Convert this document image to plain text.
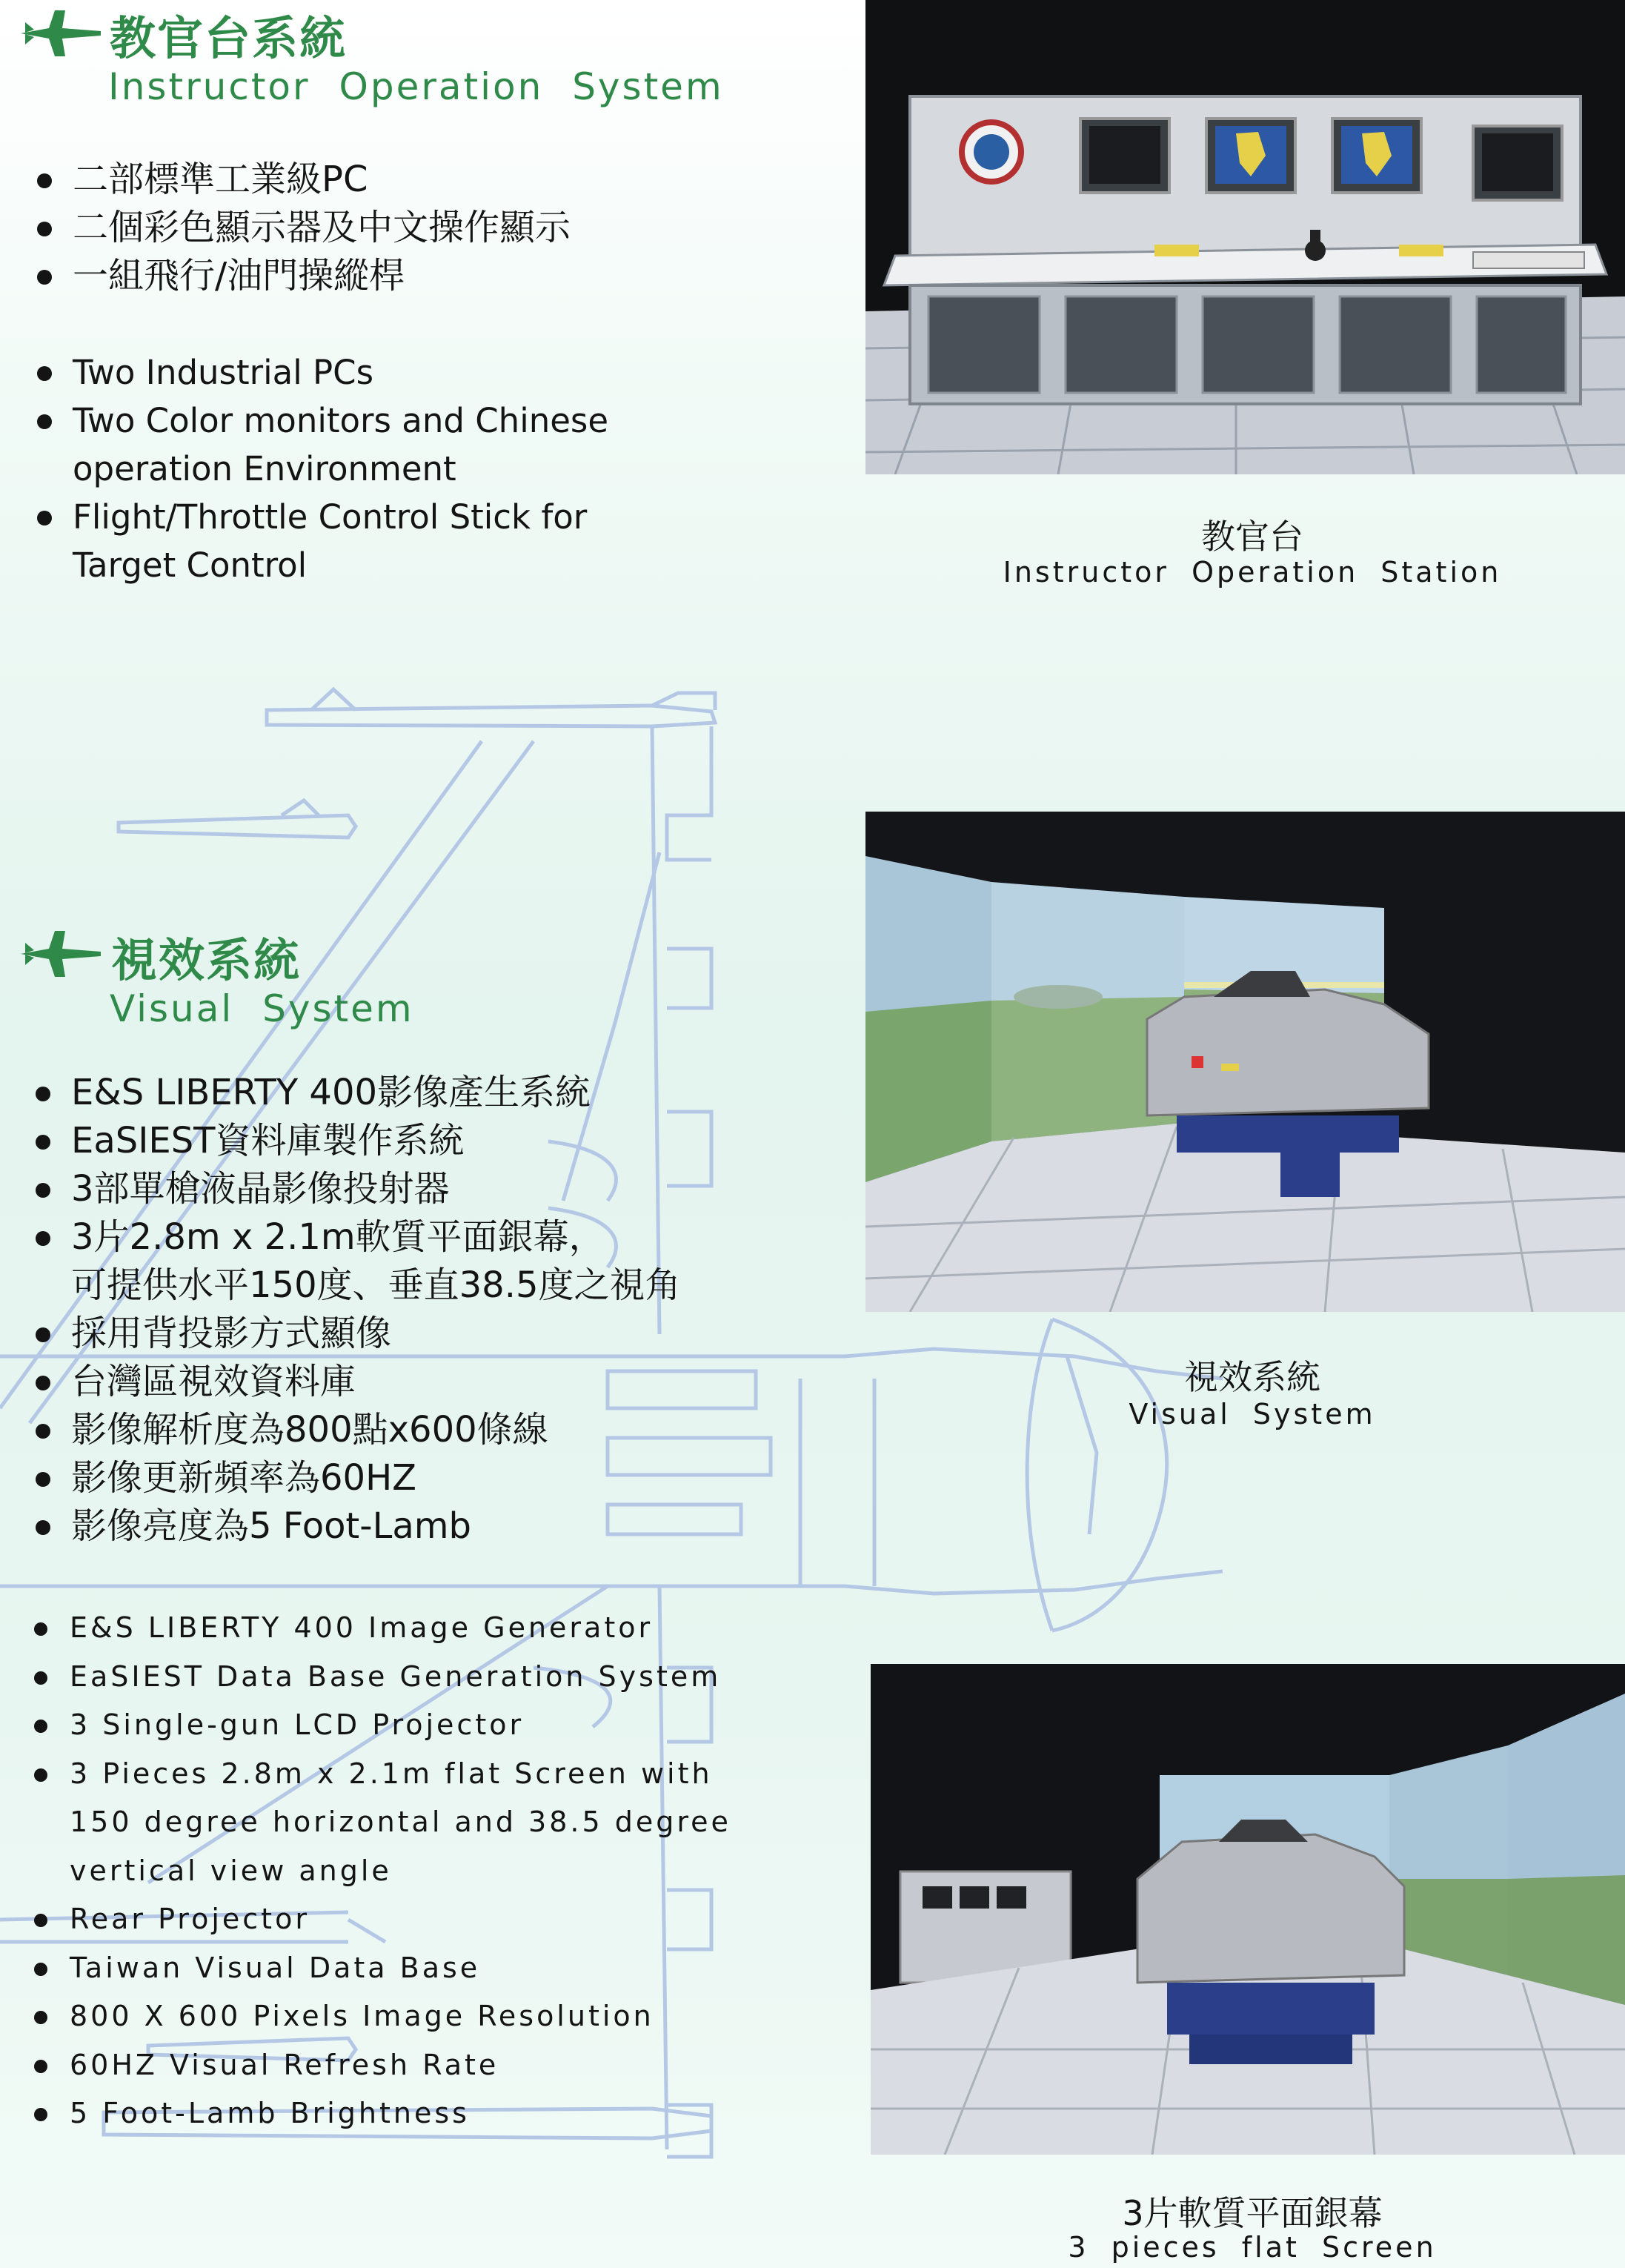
教官台系統
Instructor Operation System
二部標準工業級PC
二個彩色顯示器及中文操作顯示
一組飛行/油門操縱桿
Two Industrial PCs
Two Color monitors and Chinese
operation Environment
Flight/Throttle Control Stick for
Target Control
教官台
Instructor Operation Station
視效系統
Visual System
E&S LIBERTY 400影像產生系統
EaSIEST資料庫製作系統
3部單槍液晶影像投射器
3片2.8m x 2.1m軟質平面銀幕，
可提供水平150度、垂直38.5度之視角
採用背投影方式顯像
台灣區視效資料庫
影像解析度為800點x600條線
影像更新頻率為60HZ
影像亮度為5 Foot-Lamb
E&S LIBERTY 400 Image Generator
EaSIEST Data Base Generation System
3 Single-gun LCD Projector
3 Pieces 2.8m x 2.1m flat Screen with
150 degree horizontal and 38.5 degree
vertical view angle
Rear Projector
Taiwan Visual Data Base
800 X 600 Pixels Image Resolution
60HZ Visual Refresh Rate
5 Foot-Lamb Brightness
視效系統
Visual System
3片軟質平面銀幕
3 pieces flat Screen
